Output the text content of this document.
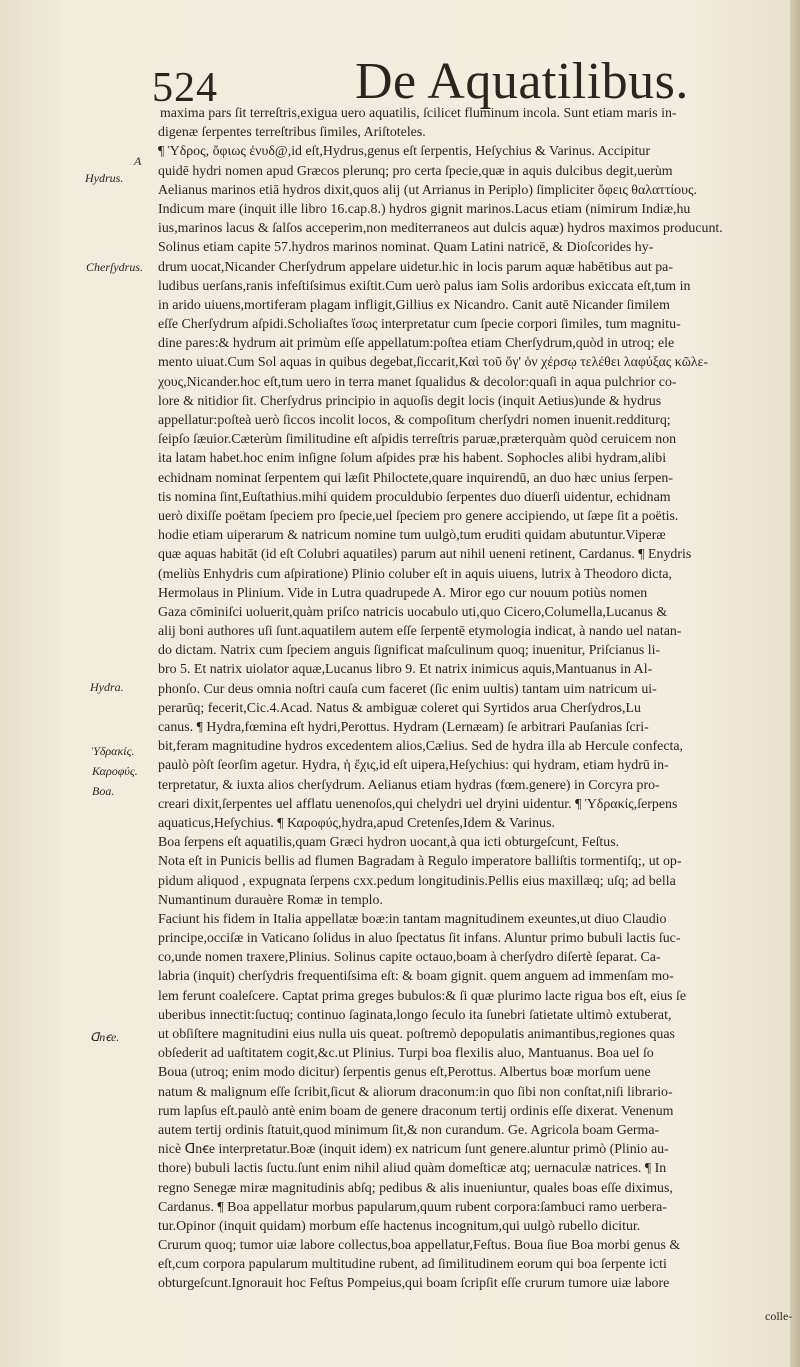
524	De Aquatilibus.
A
Hydrus.
Cherſydrus.
Hydra.
Ὑδρακίς.
Καροφύς.
Boa.
ᗡnꞓe.
maxima pars ſit terreſtris,exigua uero aquatilis, ſcilicet fluminum incola. Sunt etiam maris in-
digenæ ſerpentes terreſtribus ſimiles, Ariſtoteles.
¶ Ὑδρος, ὄφιως ἐνυδ@,id eſt,Hydrus,genus eſt ſerpentis, Heſychius & Varinus. Accipitur
quidē hydri nomen apud Græcos plerunq; pro certa ſpecie,quæ in aquis dulcibus degit,uerùm
Aelianus marinos etiā hydros dixit,quos alij (ut Arrianus in Periplo) ſimpliciter ὄφεις θαλαττίους.
Indicum mare (inquit ille libro 16.cap.8.) hydros gignit marinos.Lacus etiam (nimirum Indiæ,hu
ius,marinos lacus & ſalſos acceperim,non mediterraneos aut dulcis aquæ) hydros maximos producunt.
Solinus etiam capite 57.hydros marinos nominat. Quam Latini natricē, & Dioſcorides hy-
drum uocat,Nicander Cherſydrum appelare uidetur.hic in locis parum aquæ habētibus aut pa-
ludibus uerſans,ranis infeſtiſsimus exiſtit.Cum uerò palus iam Solis ardoribus exiccata eſt,tum in
in arido uiuens,mortiferam plagam infligit,Gillius ex Nicandro. Canit autē Nicander ſimilem
eſſe Cherſydrum aſpidi.Scholiaſtes ἴσως interpretatur cum ſpecie corpori ſimiles, tum magnitu-
dine pares:& hydrum ait primùm eſſe appellatum:poſtea etiam Cherſydrum,quòd in utroq; ele
mento uiuat.Cum Sol aquas in quibus degebat,ſiccarit,Καὶ τοῦ ὄγ' ὁν χέρσῳ τελέθει λαφύξας κῶλε-
χους,Nicander.hoc eſt,tum uero in terra manet ſqualidus & decolor:quaſi in aqua pulchrior co-
lore & nitidior ſit. Cherſydrus principio in aquoſis degit locis (inquit Aetius)unde & hydrus
appellatur:poſteà uerò ſiccos incolit locos, & compoſitum cherſydri nomen inuenit.redditurq;
ſeipſo ſæuior.Cæterùm ſimilitudine eſt aſpidis terreſtris paruæ,præterquàm quòd ceruicem non
ita latam habet.hoc enim inſigne ſolum aſpides præ his habent. Sophocles alibi hydram,alibi
echidnam nominat ſerpentem qui læſit Philoctete,quare inquirendū, an duo hæc unius ſerpen-
tis nomina ſint,Euſtathius.mihi quidem proculdubio ſerpentes duo diuerſi uidentur, echidnam
uerò dixiſſe poëtam ſpeciem pro ſpecie,uel ſpeciem pro genere accipiendo, ut ſæpe ſit a poëtis.
hodie etiam uiperarum & natricum nomine tum uulgò,tum eruditi quidam abutuntur.Viperæ
quæ aquas habitāt (id eſt Colubri aquatiles) parum aut nihil ueneni retinent, Cardanus. ¶ Enydris
(meliùs Enhydris cum aſpiratione) Plinio coluber eſt in aquis uiuens, lutrix à Theodoro dicta,
Hermolaus in Plinium. Vide in Lutra quadrupede A. Miror ego cur nouum potiùs nomen
Gaza cōminiſci uoluerit,quàm priſco natricis uocabulo uti,quo Cicero,Columella,Lucanus &
alij boni authores uſi ſunt.aquatilem autem eſſe ſerpentē etymologia indicat, à nando uel natan-
do dictam. Natrix cum ſpeciem anguis ſignificat maſculinum quoq; inuenitur, Priſcianus li-
bro 5. Et natrix uiolator aquæ,Lucanus libro 9. Et natrix inimicus aquis,Mantuanus in Al-
phonſo. Cur deus omnia noſtri cauſa cum faceret (ſic enim uultis) tantam uim natricum ui-
perarūq; fecerit,Cic.4.Acad. Natus & ambiguæ coleret qui Syrtidos arua Cherſydros,Lu
canus. ¶ Hydra,fœmina eſt hydri,Perottus. Hydram (Lernæam) ſe arbitrari Pauſanias ſcri-
bit,feram magnitudine hydros excedentem alios,Cælius. Sed de hydra illa ab Hercule confecta,
paulò pòſt ſeorſim agetur. Hydra, ἡ ἔχις,id eſt uipera,Heſychius: qui hydram, etiam hydrū in-
terpretatur, & iuxta alios cherſydrum. Aelianus etiam hydras (fœm.genere) in Corcyra pro-
creari dixit,ſerpentes uel afflatu uenenoſos,qui chelydri uel dryini uidentur. ¶ Ὑδρακίς,ſerpens
aquaticus,Heſychius. ¶ Καροφύς,hydra,apud Cretenſes,Idem & Varinus.
Boa ſerpens eſt aquatilis,quam Græci hydron uocant,à qua icti obturgeſcunt, Feſtus.
Nota eſt in Punicis bellis ad flumen Bagradam à Regulo imperatore balliſtis tormentiſq;, ut op-
pidum aliquod , expugnata ſerpens cxx.pedum longitudinis.Pellis eius maxillæq; uſq; ad bella
Numantinum durauère Romæ in templo.
Faciunt his fidem in Italia appellatæ boæ:in tantam magnitudinem exeuntes,ut diuo Claudio
principe,occiſæ in Vaticano ſolidus in aluo ſpectatus ſit infans. Aluntur primo bubuli lactis ſuc-
co,unde nomen traxere,Plinius. Solinus capite octauo,boam à cherſydro diſertè ſeparat. Ca-
labria (inquit) cherſydris frequentiſsima eſt: & boam gignit. quem anguem ad immenſam mo-
lem ferunt coaleſcere. Captat prima greges bubulos:& ſi quæ plurimo lacte rigua bos eſt, eius ſe
uberibus innectit:ſuctuq; continuo ſaginata,longo ſeculo ita ſunebri ſatietate ultimò extuberat,
ut obſiſtere magnitudini eius nulla uis queat. poſtremò depopulatis animantibus,regiones quas
obſederit ad uaſtitatem cogit,&c.ut Plinius. Turpi boa flexilis aluo, Mantuanus. Boa uel ſo
Boua (utroq; enim modo dicitur) ſerpentis genus eſt,Perottus. Albertus boæ morſum uene
natum & malignum eſſe ſcribit,ſicut & aliorum draconum:in quo ſibi non conſtat,niſi librario-
rum lapſus eſt.paulò antè enim boam de genere draconum tertij ordinis eſſe dixerat. Venenum
autem tertij ordinis ſtatuit,quod minimum ſit,& non curandum. Ge. Agricola boam Germa-
nicè ᗡnꞓe interpretatur.Boæ (inquit idem) ex natricum ſunt genere.aluntur primò (Plinio au-
thore) bubuli lactis ſuctu.ſunt enim nihil aliud quàm domeſticæ atq; uernaculæ natrices. ¶ In
regno Senegæ miræ magnitudinis abſq; pedibus & alis inueniuntur, quales boas eſſe diximus,
Cardanus. ¶ Boa appellatur morbus papularum,quum rubent corpora:ſambuci ramo uerbera-
tur.Opinor (inquit quidam) morbum eſſe hactenus incognitum,qui uulgò rubello dicitur.
Crurum quoq; tumor uiæ labore collectus,boa appellatur,Feſtus. Boua ſiue Boa morbi genus &
eſt,cum corpora papularum multitudine rubent, ad ſimilitudinem eorum qui boa ſerpente icti
obturgeſcunt.Ignorauit hoc Feſtus Pompeius,qui boam ſcripſit eſſe crurum tumore uiæ labore
colle-
